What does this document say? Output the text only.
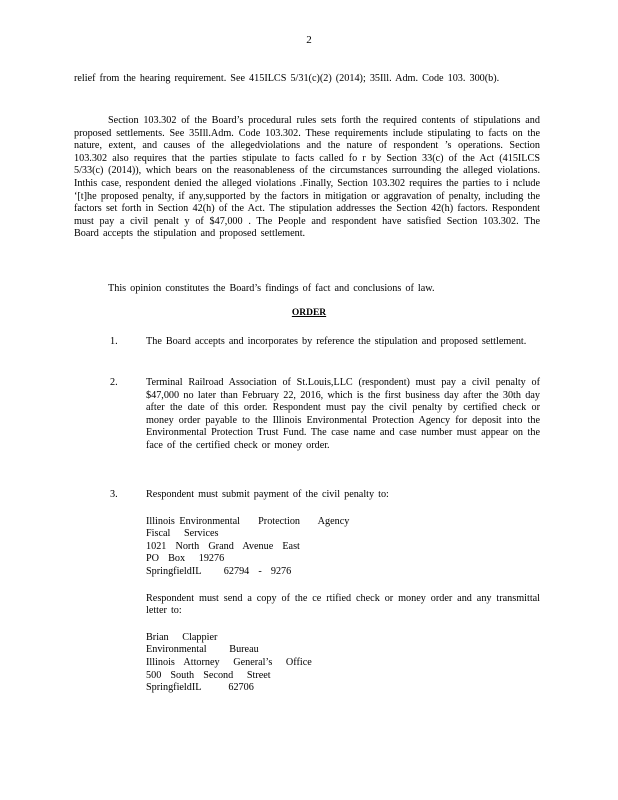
2

relief from the hearing requirement. See 415ILCS 5/31(c)(2) (2014); 35Ill. Adm. Code 103. 300(b).

Section 103.302 of the Board’s procedural rules sets forth the required contents of stipulations and proposed settlements. See 35Ill.Adm. Code 103.302. These requirements include stipulating to facts on the nature, extent, and causes of the allegedviolations and the nature of respondent ’s operations. Section 103.302 also requires that the parties stipulate to facts called fo r by Section 33(c) of the Act (415ILCS 5/33(c) (2014)), which bears on the reasonableness of the circumstances surrounding the alleged violations. Inthis case, respondent denied the alleged violations .Finally, Section 103.302 requires the parties to i nclude ‘[t]he proposed penalty, if any,supported by the factors in mitigation or aggravation of penalty, including the factors set forth in Section 42(h) of the Act. The stipulation addresses the Section 42(h) factors. Respondent must pay a civil penalt y of $47,000 . The People and respondent have satisfied Section 103.302. The Board accepts the stipulation and proposed settlement.

This opinion constitutes the Board’s findings of fact and conclusions of law.

ORDER
1.	The Board accepts and incorporates by reference the stipulation and proposed settlement.
2.	Terminal Railroad Association of St.Louis,LLC (respondent) must pay a civil penalty of $47,000 no later than February 22, 2016, which is the first business day after the 30th day after the date of this order. Respondent must pay the civil penalty by certified check or money order payable to the Illinois Environmental Protection Agency for deposit into the Environmental Protection Trust Fund. The case name and case number must appear on the face of the certified check or money order.
3.	Respondent must submit payment of the civil penalty to:
Illinois Environmental    Protection    Agency
Fiscal   Services
1021  North  Grand  Avenue  East
PO  Box   19276
SpringfieldIL     62794  -  9276
Respondent must send a copy of the ce rtified check or money order and any transmittal letter to:
Brian   Clappier
Environmental     Bureau
Illinois  Attorney   General’s   Office
500  South  Second   Street
SpringfieldIL      62706
